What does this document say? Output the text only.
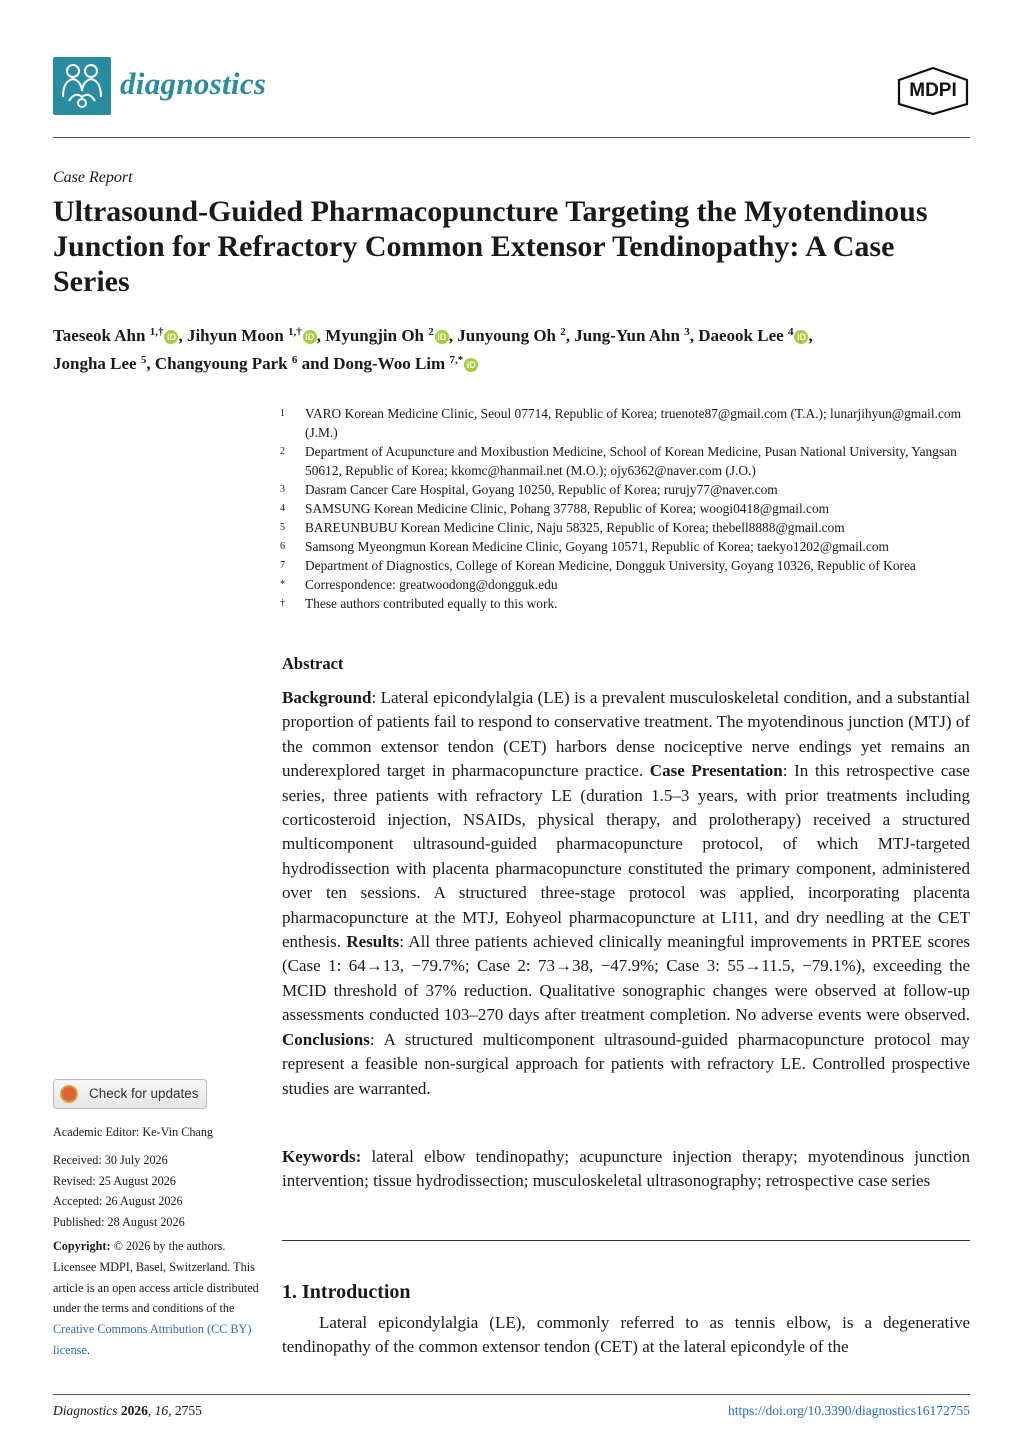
diagnostics	MDPI
Case Report
Ultrasound-Guided Pharmacopuncture Targeting the Myotendinous Junction for Refractory Common Extensor Tendinopathy: A Case Series
Taeseok Ahn $^{1,\dagger}$ iD , Jihyun Moon $^{1,\dagger}$ iD , Myungjin Oh $^2$ iD , Junyoung Oh $^2$, Jung-Yun Ahn $^3$, Daeook Lee $^4$ iD ,
Jongha Lee $^5$, Changyoung Park $^6$ and Dong-Woo Lim $^{7,*}$ iD
1	VARO Korean Medicine Clinic, Seoul 07714, Republic of Korea; truenote87@gmail.com (T.A.); lunarjihyun@gmail.com (J.M.)
2	Department of Acupuncture and Moxibustion Medicine, School of Korean Medicine, Pusan National University, Yangsan 50612, Republic of Korea; kkomc@hanmail.net (M.O.); ojy6362@naver.com (J.O.)
3	Dasram Cancer Care Hospital, Goyang 10250, Republic of Korea; rurujy77@naver.com
4	SAMSUNG Korean Medicine Clinic, Pohang 37788, Republic of Korea; woogi0418@gmail.com
5	BAREUNBUBU Korean Medicine Clinic, Naju 58325, Republic of Korea; thebell8888@gmail.com
6	Samsong Myeongmun Korean Medicine Clinic, Goyang 10571, Republic of Korea; taekyo1202@gmail.com
7	Department of Diagnostics, College of Korean Medicine, Dongguk University, Goyang 10326, Republic of Korea
*	Correspondence: greatwoodong@dongguk.edu
†	These authors contributed equally to this work.
Abstract
Background: Lateral epicondylalgia (LE) is a prevalent musculoskeletal condition, and a substantial proportion of patients fail to respond to conservative treatment. The myotendinous junction (MTJ) of the common extensor tendon (CET) harbors dense nociceptive nerve endings yet remains an underexplored target in pharmacopuncture practice. Case Presentation: In this retrospective case series, three patients with refractory LE (duration 1.5–3 years, with prior treatments including corticosteroid injection, NSAIDs, physical therapy, and prolotherapy) received a structured multicomponent ultrasound-guided pharmacopuncture protocol, of which MTJ-targeted hydrodissection with placenta pharmacopuncture constituted the primary component, administered over ten sessions. A structured three-stage protocol was applied, incorporating placenta pharmacopuncture at the MTJ, Eohyeol pharmacopuncture at LI11, and dry needling at the CET enthesis. Results: All three patients achieved clinically meaningful improvements in PRTEE scores (Case 1: 64→13, −79.7%; Case 2: 73→38, −47.9%; Case 3: 55→11.5, −79.1%), exceeding the MCID threshold of 37% reduction. Qualitative sonographic changes were observed at follow-up assessments conducted 103–270 days after treatment completion. No adverse events were observed. Conclusions: A structured multicomponent ultrasound-guided pharmacopuncture protocol may represent a feasible non-surgical approach for patients with refractory LE. Controlled prospective studies are warranted.
Keywords: lateral elbow tendinopathy; acupuncture injection therapy; myotendinous junction intervention; tissue hydrodissection; musculoskeletal ultrasonography; retrospective case series
1. Introduction
Lateral epicondylalgia (LE), commonly referred to as tennis elbow, is a degenerative tendinopathy of the common extensor tendon (CET) at the lateral epicondyle of the
Check for updates
Academic Editor: Ke-Vin Chang
Received: 30 July 2026
Revised: 25 August 2026
Accepted: 26 August 2026
Published: 28 August 2026
Copyright: © 2026 by the authors. Licensee MDPI, Basel, Switzerland. This article is an open access article distributed under the terms and conditions of the Creative Commons Attribution (CC BY) license.
Diagnostics 2026, 16, 2755	https://doi.org/10.3390/diagnostics16172755
